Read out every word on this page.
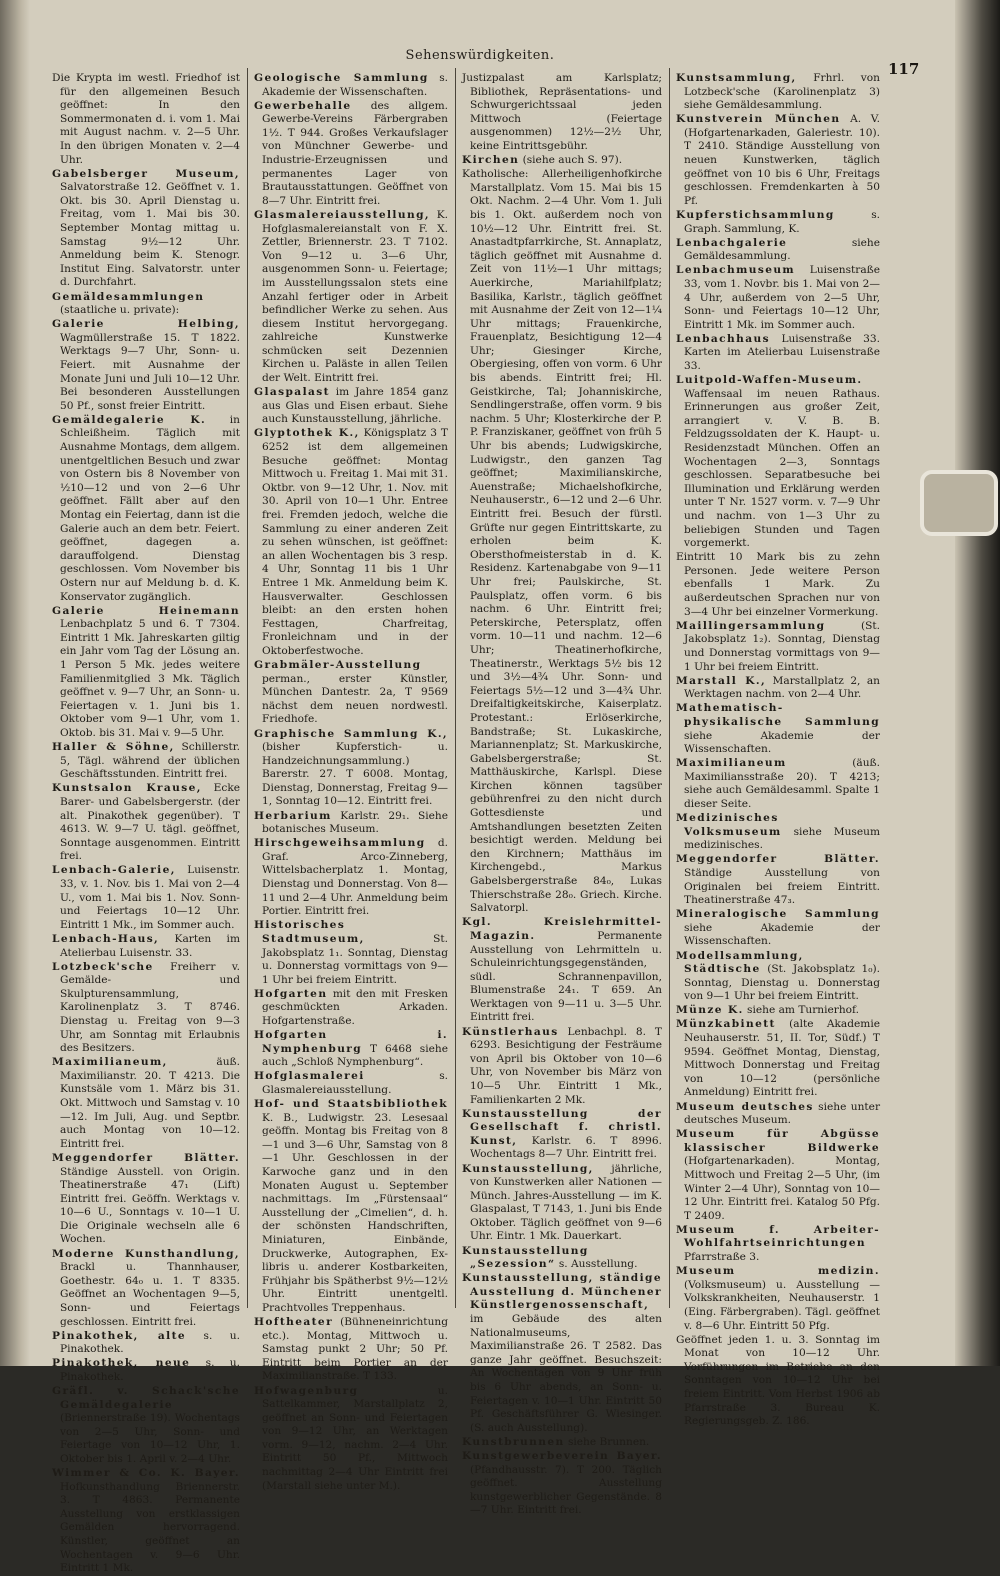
Sehenswürdigkeiten.
117

Die Krypta im westl. Friedhof ist für den allgemeinen Besuch geöffnet: In den Sommermonaten d. i. vom 1. Mai mit August nachm. v. 2—5 Uhr. In den übrigen Monaten v. 2—4 Uhr.

Gabelsberger Museum, Salvatorstraße 12. Geöffnet v. 1. Okt. bis 30. April Dienstag u. Freitag, vom 1. Mai bis 30. September Montag mittag u. Samstag 9½—12 Uhr. Anmeldung beim K. Stenogr. Institut Eing. Salvatorstr. unter d. Durchfahrt.

Gemäldesammlungen (staatliche u. private):

Galerie Helbing, Wagmüllerstraße 15. T 1822. Werktags 9—7 Uhr, Sonn- u. Feiert. mit Ausnahme der Monate Juni und Juli 10—12 Uhr. Bei besonderen Ausstellungen 50 Pf., sonst freier Eintritt.

Gemäldegalerie K. in Schleißheim. Täglich mit Ausnahme Montags, dem allgem. unentgeltlichen Besuch und zwar von Ostern bis 8 November von ½10—12 und von 2—6 Uhr geöffnet. Fällt aber auf den Montag ein Feiertag, dann ist die Galerie auch an dem betr. Feiert. geöffnet, dagegen a. darauffolgend. Dienstag geschlossen. Vom November bis Ostern nur auf Meldung b. d. K. Konservator zugänglich.

Galerie Heinemann Lenbachplatz 5 und 6. T 7304. Eintritt 1 Mk. Jahreskarten giltig ein Jahr vom Tag der Lösung an. 1 Person 5 Mk. jedes weitere Familienmitglied 3 Mk. Täglich geöffnet v. 9—7 Uhr, an Sonn- u. Feiertagen v. 1. Juni bis 1. Oktober vom 9—1 Uhr, vom 1. Oktob. bis 31. Mai v. 9—5 Uhr.

Haller & Söhne, Schillerstr. 5, Tägl. während der üblichen Geschäftsstunden. Eintritt frei.

Kunstsalon Krause, Ecke Barer- und Gabelsbergerstr. (der alt. Pinakothek gegenüber). T 4613. W. 9—7 U. tägl. geöffnet, Sonntage ausgenommen. Eintritt frei.

Lenbach-Galerie, Luisenstr. 33, v. 1. Nov. bis 1. Mai von 2—4 U., vom 1. Mai bis 1. Nov. Sonn- und Feiertags 10—12 Uhr. Eintritt 1 Mk., im Sommer auch.

Lenbach-Haus, Karten im Atelierbau Luisenstr. 33.

Lotzbeck'sche Freiherr v. Gemälde- und Skulpturensammlung, Karolinenplatz 3. T 8746. Dienstag u. Freitag von 9—3 Uhr, am Sonntag mit Erlaubnis des Besitzers.

Maximilianeum,	äuß. Maximilianstr. 20. T 4213. Die Kunstsäle vom 1. März bis 31. Okt. Mittwoch und Samstag v. 10—12. Im Juli, Aug. und Septbr. auch Montag von 10—12. Eintritt frei.

Meggendorfer Blätter. Ständige Ausstell. von Origin. Theatinerstraße 47₁ (Lift) Eintritt frei. Geöffn. Werktags v. 10—6 U., Sonntags v. 10—1 U. Die Originale wechseln alle 6 Wochen.

Moderne Kunsthandlung, Brackl u. Thannhauser, Goethestr. 64₀ u. 1. T 8335. Geöffnet an Wochentagen 9—5, Sonn- und Feiertags geschlossen. Eintritt frei.

Pinakothek, alte s. u. Pinakothek.

Pinakothek, neue s. u. Pinakothek.

Gräfl. v. Schack'sche Gemäldegalerie (Briennerstraße 19). Wochentags von 2—5 Uhr, Sonn- und Feiertage von 10—12 Uhr, 1. Oktober bis 1. April v. 2—4 Uhr.

Wimmer & Co. K. Bayer. Hofkunsthandlung Briennerstr. 3. T 4863. Permanente Ausstellung von erstklassigen Gemälden hervorragend. Künstler, geöffnet an Wochentagen v. 9—6 Uhr. Eintritt 1 Mk.

Geologische Sammlung s. Akademie der Wissenschaften.

Gewerbehalle des allgem. Gewerbe-Vereins Färbergraben 1½. T 944. Großes Verkaufslager von Münchner Gewerbe- und Industrie-Erzeugnissen und permanentes Lager von Brautausstattungen. Geöffnet von 8—7 Uhr. Eintritt frei.

Glasmalereiausstellung, K. Hofglasmalereianstalt von F. X. Zettler, Briennerstr. 23. T 7102. Von 9—12 u. 3—6 Uhr, ausgenommen Sonn- u. Feiertage; im Ausstellungssalon stets eine Anzahl fertiger oder in Arbeit befindlicher Werke zu sehen. Aus diesem Institut hervorgegang. zahlreiche Kunstwerke schmücken seit Dezennien Kirchen u. Paläste in allen Teilen der Welt. Eintritt frei.

Glaspalast im Jahre 1854 ganz aus Glas und Eisen erbaut. Siehe auch Kunstausstellung, jährliche.

Glyptothek K., Königsplatz 3 T 6252 ist dem allgemeinen Besuche geöffnet: Montag Mittwoch u. Freitag 1. Mai mit 31. Oktbr. von 9—12 Uhr, 1. Nov. mit 30. April von 10—1 Uhr. Entree frei. Fremden jedoch, welche die Sammlung zu einer anderen Zeit zu sehen wünschen, ist geöffnet: an allen Wochentagen bis 3 resp. 4 Uhr, Sonntag 11 bis 1 Uhr Entree 1 Mk. Anmeldung beim K. Hausverwalter. Geschlossen bleibt: an den ersten hohen Festtagen, Charfreitag, Fronleichnam und in der Oktoberfestwoche.

Grabmäler-Ausstellung perman., erster Künstler, München Dantestr. 2a, T 9569 nächst dem neuen nordwestl. Friedhofe.

Graphische Sammlung K., (bisher Kupferstich- u. Handzeichnungsammlung.) Barerstr. 27. T 6008. Montag, Dienstag, Donnerstag, Freitag 9—1, Sonntag 10—12. Eintritt frei.

Herbarium Karlstr. 29₁. Siehe botanisches Museum.

Hirschgeweihsammlung d. Graf. Arco-Zinneberg, Wittelsbacherplatz 1. Montag, Dienstag und Donnerstag. Von 8—11 und 2—4 Uhr. Anmeldung beim Portier. Eintritt frei.

Historisches Stadtmuseum,	St. Jakobsplatz 1₁. Sonntag, Dienstag u. Donnerstag vormittags von 9—1 Uhr bei freiem Eintritt.

Hofgarten mit den mit Fresken geschmückten Arkaden. Hofgartenstraße.

Hofgarten i. Nymphenburg T 6468 siehe auch „Schloß Nymphenburg“.

Hofglasmalerei	s. Glasmalereiausstellung.

Hof- und Staatsbibliothek K. B., Ludwigstr. 23. Lesesaal geöffn. Montag bis Freitag von 8—1 und 3—6 Uhr, Samstag von 8—1 Uhr. Geschlossen in der Karwoche ganz und in den Monaten August u. September nachmittags. Im „Fürstensaal“ Ausstellung der „Cimelien“, d. h. der schönsten Handschriften, Miniaturen, Einbände, Druckwerke, Autographen, Ex-libris u. anderer Kostbarkeiten, Frühjahr bis Spätherbst 9½—12½ Uhr. Eintritt unentgeltl. Prachtvolles Treppenhaus.

Hoftheater (Bühneneinrichtung etc.). Montag, Mittwoch u. Samstag punkt 2 Uhr; 50 Pf. Eintritt beim Portier an der Maximilianstraße. T 133.

Hofwagenburg	u. Sattelkammer, Marstallplatz 2, geöffnet an Sonn- und Feiertagen von 9—12 Uhr, an Werktagen vorm. 9—12, nachm. 2—4 Uhr. Eintritt 50 Pf., Mittwoch nachmittag 2—4 Uhr Eintritt frei (Marstall siehe unter M.).

Justizpalast am Karlsplatz; Bibliothek, Repräsentations- und Schwurgerichtssaal jeden Mittwoch (Feiertage ausgenommen) 12½—2½ Uhr, keine Eintrittsgebühr.

Kirchen (siehe auch S. 97).

Katholische: Allerheiligenhofkirche Marstallplatz. Vom 15. Mai bis 15 Okt. Nachm. 2—4 Uhr. Vom 1. Juli bis 1. Okt. außerdem noch von 10½—12 Uhr. Eintritt frei. St. Anastadtpfarrkirche, St. Annaplatz, täglich geöffnet mit Ausnahme d. Zeit von 11½—1 Uhr mittags; Auerkirche, Mariahilfplatz; Basilika, Karlstr., täglich geöffnet mit Ausnahme der Zeit von 12—1¼ Uhr mittags; Frauenkirche, Frauenplatz, Besichtigung 12—4 Uhr; Giesinger Kirche, Obergiesing, offen von vorm. 6 Uhr bis abends. Eintritt frei; Hl. Geistkirche, Tal; Johanniskirche, Sendlingerstraße, offen vorm. 9 bis nachm. 5 Uhr; Klosterkirche der P. P. Franziskaner, geöffnet von früh 5 Uhr bis abends; Ludwigskirche, Ludwigstr., den ganzen Tag geöffnet; Maximilianskirche, Auenstraße; Michaelshofkirche, Neuhauserstr., 6—12 und 2—6 Uhr. Eintritt frei. Besuch der fürstl. Grüfte nur gegen Eintrittskarte, zu erholen beim K. Obersthofmeisterstab in d. K. Residenz. Kartenabgabe von 9—11 Uhr frei; Paulskirche, St. Paulsplatz, offen vorm. 6 bis nachm. 6 Uhr. Eintritt frei; Peterskirche, Petersplatz, offen vorm. 10—11 und nachm. 12—6 Uhr; Theatinerhofkirche, Theatinerstr., Werktags 5½ bis 12 und 3½—4¾ Uhr. Sonn- und Feiertags 5½—12 und 3—4¾ Uhr. Dreifaltigkeitskirche, Kaiserplatz. Protestant.: Erlöserkirche, Bandstraße; St. Lukaskirche, Mariannenplatz; St. Markuskirche, Gabelsbergerstraße; St. Matthäuskirche, Karlspl. Diese Kirchen können tagsüber gebührenfrei zu den nicht durch Gottesdienste und Amtshandlungen besetzten Zeiten besichtigt werden. Meldung bei den Kirchnern; Matthäus im Kirchengebd., Markus Gabelsbergerstraße 84₀, Lukas Thierschstraße 28₀. Griech. Kirche. Salvatorpl.

Kgl. Kreislehrmittel-Magazin.	Permanente Ausstellung von Lehrmitteln u. Schuleinrichtungsgegenständen, südl. Schrannenpavillon, Blumenstraße 24₁. T 659. An Werktagen von 9—11 u. 3—5 Uhr. Eintritt frei.

Künstlerhaus Lenbachpl. 8. T 6293. Besichtigung der Festräume von April bis Oktober von 10—6 Uhr, von November bis März von 10—5 Uhr. Eintritt 1 Mk., Familienkarten 2 Mk.

Kunstausstellung der Gesellschaft f. christl. Kunst, Karlstr. 6. T 8996. Wochentags 8—7 Uhr. Eintritt frei.

Kunstausstellung, jährliche, von Kunstwerken aller Nationen — Münch. Jahres-Ausstellung — im K. Glaspalast, T 7143, 1. Juni bis Ende Oktober. Täglich geöffnet von 9—6 Uhr. Eintr. 1 Mk. Dauerkart.

Kunstausstellung „Sezession“ s. Ausstellung.

Kunstausstellung, ständige Ausstellung d. Münchener Künstlergenossenschaft, im Gebäude des alten Nationalmuseums, Maximilianstraße 26. T 2582. Das ganze Jahr geöffnet. Besuchszeit: An Wochentagen von 9 Uhr früh bis 6 Uhr abends, an Sonn- u. Feiertagen v. 10—1 Uhr. Eintritt 50 Pf. Geschäftsführer G. Wiesinger. (S. auch Ausstellung).

Kunstbrunnen siehe Brunnen.

Kunstgewerbeverein Bayer. (Pfandhausstr. 7). T 200. Täglich geöffnet. Ausstellung kunstgewerblicher Gegenstände. 8—7 Uhr. Eintritt frei.

Kunstsammlung, Frhrl. von Lotzbeck'sche (Karolinenplatz 3) siehe Gemäldesammlung.

Kunstverein München A. V. (Hofgartenarkaden, Galeriestr. 10). T 2410. Ständige Ausstellung von neuen Kunstwerken, täglich geöffnet von 10 bis 6 Uhr, Freitags geschlossen. Fremdenkarten à 50 Pf.

Kupferstichsammlung	s. Graph. Sammlung, K.

Lenbachgalerie	siehe Gemäldesammlung.

Lenbachmuseum Luisenstraße 33, vom 1. Novbr. bis 1. Mai von 2—4 Uhr, außerdem von 2—5 Uhr, Sonn- und Feiertags 10—12 Uhr, Eintritt 1 Mk. im Sommer auch.

Lenbachhaus Luisenstraße 33. Karten im Atelierbau Luisenstraße 33.

Luitpold-Waffen-Museum. Waffensaal im neuen Rathaus. Erinnerungen aus großer Zeit, arrangiert v. V. B. B. Feldzugssoldaten der K. Haupt- u. Residenzstadt München. Offen an Wochentagen 2—3, Sonntags geschlossen. Separatbesuche bei Illumination und Erklärung werden unter T Nr. 1527 vorm. v. 7—9 Uhr und nachm. von 1—3 Uhr zu beliebigen Stunden und Tagen vorgemerkt.

Eintritt 10 Mark bis zu zehn Personen. Jede weitere Person ebenfalls 1 Mark. Zu außerdeutschen Sprachen nur von 3—4 Uhr bei einzelner Vormerkung.

Maillingersammlung	(St. Jakobsplatz 1₂). Sonntag, Dienstag und Donnerstag vormittags von 9—1 Uhr bei freiem Eintritt.

Marstall K., Marstallplatz 2, an Werktagen nachm. von 2—4 Uhr.

Mathematisch-physikalische Sammlung siehe Akademie der Wissenschaften.

Maximilianeum	(äuß. Maximiliansstraße 20). T 4213; siehe auch Gemäldesamml. Spalte 1 dieser Seite.

Medizinisches Volksmuseum siehe Museum medizinisches.

Meggendorfer Blätter. Ständige Ausstellung von Originalen bei freiem Eintritt. Theatinerstraße 47₃.

Mineralogische Sammlung siehe Akademie der Wissenschaften.

Modellsammlung, Städtische (St. Jakobsplatz 1₀). Sonntag, Dienstag u. Donnerstag von 9—1 Uhr bei freiem Eintritt.

Münze K. siehe am Turnierhof.

Münzkabinett (alte Akademie Neuhauserstr. 51, II. Tor, Südf.) T 9594. Geöffnet Montag, Dienstag, Mittwoch Donnerstag und Freitag von 10—12 (persönliche Anmeldung) Eintritt frei.

Museum deutsches siehe unter deutsches Museum.

Museum für Abgüsse klassischer Bildwerke (Hofgartenarkaden). Montag, Mittwoch und Freitag 2—5 Uhr, (im Winter 2—4 Uhr), Sonntag von 10—12 Uhr. Eintritt frei. Katalog 50 Pfg. T 2409.

Museum f. Arbeiter-Wohlfahrtseinrichtungen Pfarrstraße 3.

Museum medizin. (Volksmuseum) u. Ausstellung — Volkskrankheiten, Neuhauserstr. 1 (Eing. Färbergraben). Tägl. geöffnet v. 8—6 Uhr. Eintritt 50 Pfg.

Geöffnet jeden 1. u. 3. Sonntag im Monat von 10—12 Uhr. Vorführungen im Betriebe an den Sonntagen von 10—12 Uhr bei freiem Eintritt. Vom Herbst 1906 ab Pfarrstraße 3. Bureau K. Regierungsgeb. Z. 186.
